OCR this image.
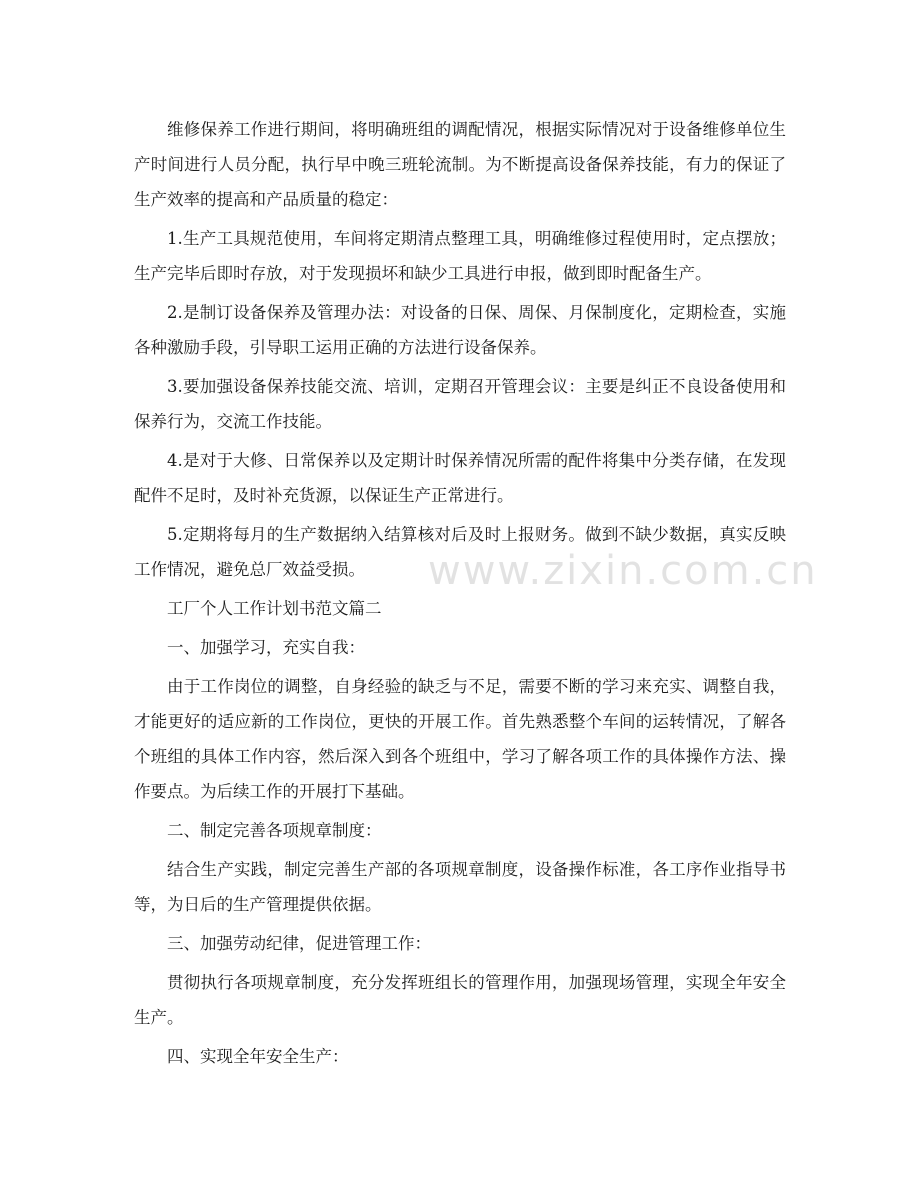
维修保养工作进行期间，将明确班组的调配情况，根据实际情况对于设备维修单位生产时间进行人员分配，执行早中晚三班轮流制。为不断提高设备保养技能，有力的保证了生产效率的提高和产品质量的稳定：

1.生产工具规范使用，车间将定期清点整理工具，明确维修过程使用时，定点摆放；生产完毕后即时存放，对于发现损坏和缺少工具进行申报，做到即时配备生产。

2.是制订设备保养及管理办法：对设备的日保、周保、月保制度化，定期检查，实施各种激励手段，引导职工运用正确的方法进行设备保养。

3.要加强设备保养技能交流、培训，定期召开管理会议：主要是纠正不良设备使用和保养行为，交流工作技能。

4.是对于大修、日常保养以及定期计时保养情况所需的配件将集中分类存储，在发现配件不足时，及时补充货源，以保证生产正常进行。

5.定期将每月的生产数据纳入结算核对后及时上报财务。做到不缺少数据，真实反映工作情况，避免总厂效益受损。

工厂个人工作计划书范文篇二

一、加强学习，充实自我：

由于工作岗位的调整，自身经验的缺乏与不足，需要不断的学习来充实、调整自我，才能更好的适应新的工作岗位，更快的开展工作。首先熟悉整个车间的运转情况，了解各个班组的具体工作内容，然后深入到各个班组中，学习了解各项工作的具体操作方法、操作要点。为后续工作的开展打下基础。

二、制定完善各项规章制度：

结合生产实践，制定完善生产部的各项规章制度，设备操作标准，各工序作业指导书等，为日后的生产管理提供依据。

三、加强劳动纪律，促进管理工作：

贯彻执行各项规章制度，充分发挥班组长的管理作用，加强现场管理，实现全年安全生产。

四、实现全年安全生产：

www.zixin.com.cn
